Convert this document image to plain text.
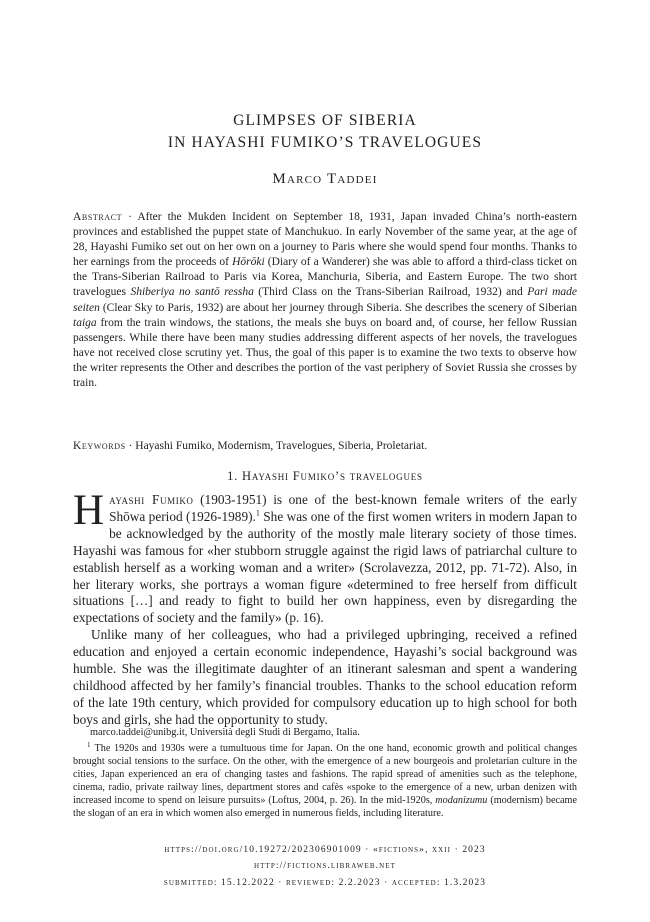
GLIMPSES OF SIBERIA
IN HAYASHI FUMIKO’S TRAVELOGUES
Marco Taddei
Abstract · After the Mukden Incident on September 18, 1931, Japan invaded China’s north-eastern provinces and established the puppet state of Manchukuo. In early November of the same year, at the age of 28, Hayashi Fumiko set out on her own on a journey to Paris where she would spend four months. Thanks to her earnings from the proceeds of Hōrōki (Diary of a Wanderer) she was able to afford a third-class ticket on the Trans-Siberian Railroad to Paris via Korea, Manchuria, Siberia, and Eastern Europe. The two short travelogues Shiberiya no santō ressha (Third Class on the Trans-Siberian Railroad, 1932) and Pari made seiten (Clear Sky to Paris, 1932) are about her journey through Siberia. She describes the scenery of Siberian taiga from the train windows, the stations, the meals she buys on board and, of course, her fellow Russian passengers. While there have been many studies addressing different aspects of her novels, the travelogues have not received close scrutiny yet. Thus, the goal of this paper is to examine the two texts to observe how the writer represents the Other and describes the portion of the vast periphery of Soviet Russia she crosses by train.
Keywords · Hayashi Fumiko, Modernism, Travelogues, Siberia, Proletariat.
1. Hayashi Fumiko’s travelogues

Hayashi Fumiko (1903-1951) is one of the best-known female writers of the early Shōwa period (1926-1989).$^1$ She was one of the first women writers in modern Japan to be acknowledged by the authority of the mostly male literary society of those times. Hayashi was famous for «her stubborn struggle against the rigid laws of patriarchal culture to establish herself as a working woman and a writer» (Scrolavezza, 2012, pp. 71-72). Also, in her literary works, she portrays a woman figure «determined to free herself from difficult situations […] and ready to fight to build her own happiness, even by disregarding the expectations of society and the family» (p. 16).

Unlike many of her colleagues, who had a privileged upbringing, received a refined education and enjoyed a certain economic independence, Hayashi’s social background was humble. She was the illegitimate daughter of an itinerant salesman and spent a wandering childhood affected by her family’s financial troubles. Thanks to the school education reform of the late 19th century, which provided for compulsory education up to high school for both boys and girls, she had the opportunity to study.

marco.taddei@unibg.it, Università degli Studi di Bergamo, Italia.
$^1$ The 1920s and 1930s were a tumultuous time for Japan. On the one hand, economic growth and political changes brought social tensions to the surface. On the other, with the emergence of a new bourgeois and proletarian culture in the cities, Japan experienced an era of changing tastes and fashions. The rapid spread of amenities such as the telephone, cinema, radio, private railway lines, department stores and cafès «spoke to the emergence of a new, urban denizen with increased income to spend on leisure pursuits» (Loftus, 2004, p. 26). In the mid-1920s, modanizumu (modernism) became the slogan of an era in which women also emerged in numerous fields, including literature.
https://doi.org/10.19272/202306901009 · «fictions», xxii · 2023
http://fictions.libraweb.net
submitted: 15.12.2022 · reviewed: 2.2.2023 · accepted: 1.3.2023
